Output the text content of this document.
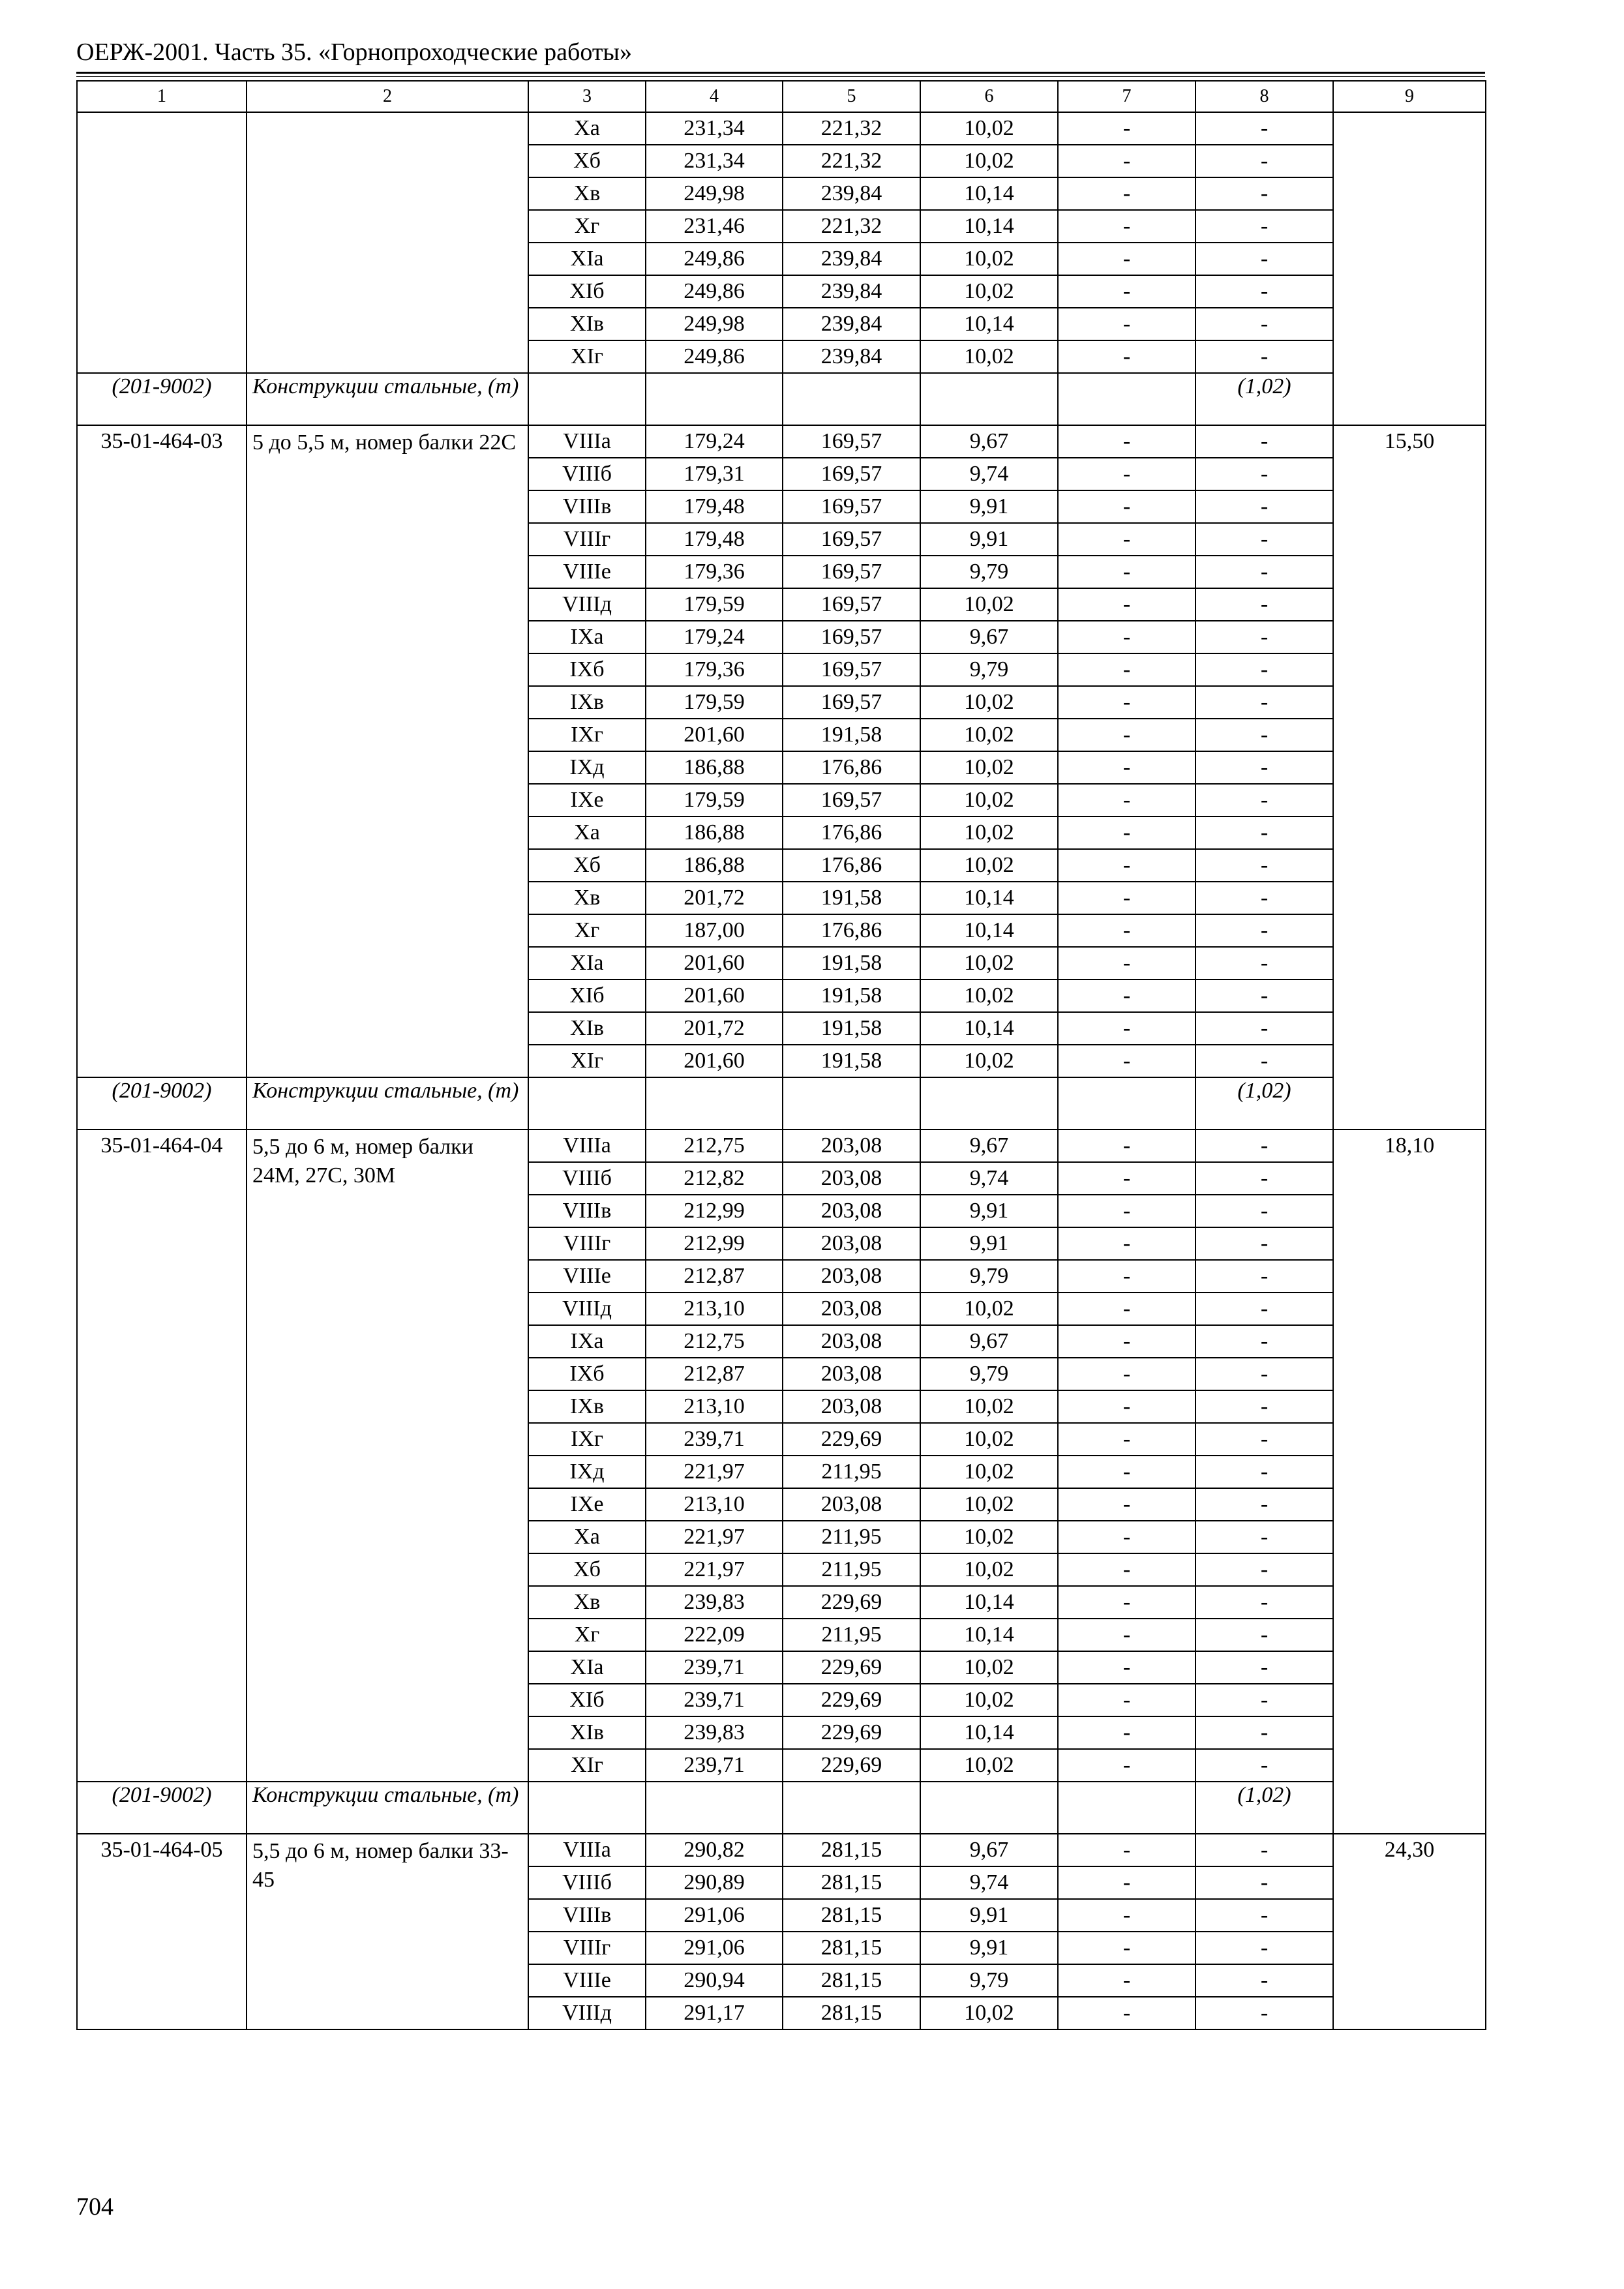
ОЕРЖ-2001. Часть 35. «Горнопроходческие работы»
1	2	3	4	5	6	7	8	9
		Xa	231,34	221,32	10,02	-	-	
		Xб	231,34	221,32	10,02	-	-	
		Xв	249,98	239,84	10,14	-	-	
		Xг	231,46	221,32	10,14	-	-	
		XIa	249,86	239,84	10,02	-	-	
		XIб	249,86	239,84	10,02	-	-	
		XIв	249,98	239,84	10,14	-	-	
		XIг	249,86	239,84	10,02	-	-	
(201-9002)	Конструкции стальные, (т)						(1,02)	
35-01-464-03	5 до 5,5 м, номер балки 22С	VIIIa	179,24	169,57	9,67	-	-	15,50
		VIIIб	179,31	169,57	9,74	-	-	
		VIIIв	179,48	169,57	9,91	-	-	
		VIIIг	179,48	169,57	9,91	-	-	
		VIIIe	179,36	169,57	9,79	-	-	
		VIIIд	179,59	169,57	10,02	-	-	
		IXa	179,24	169,57	9,67	-	-	
		IXб	179,36	169,57	9,79	-	-	
		IXв	179,59	169,57	10,02	-	-	
		IXг	201,60	191,58	10,02	-	-	
		IXд	186,88	176,86	10,02	-	-	
		IXe	179,59	169,57	10,02	-	-	
		Xa	186,88	176,86	10,02	-	-	
		Xб	186,88	176,86	10,02	-	-	
		Xв	201,72	191,58	10,14	-	-	
		Xг	187,00	176,86	10,14	-	-	
		XIa	201,60	191,58	10,02	-	-	
		XIб	201,60	191,58	10,02	-	-	
		XIв	201,72	191,58	10,14	-	-	
		XIг	201,60	191,58	10,02	-	-	
(201-9002)	Конструкции стальные, (т)						(1,02)	
35-01-464-04	5,5 до 6 м, номер балки 24М, 27С, 30М	VIIIa	212,75	203,08	9,67	-	-	18,10
		VIIIб	212,82	203,08	9,74	-	-	
		VIIIв	212,99	203,08	9,91	-	-	
		VIIIг	212,99	203,08	9,91	-	-	
		VIIIe	212,87	203,08	9,79	-	-	
		VIIIд	213,10	203,08	10,02	-	-	
		IXa	212,75	203,08	9,67	-	-	
		IXб	212,87	203,08	9,79	-	-	
		IXв	213,10	203,08	10,02	-	-	
		IXг	239,71	229,69	10,02	-	-	
		IXд	221,97	211,95	10,02	-	-	
		IXe	213,10	203,08	10,02	-	-	
		Xa	221,97	211,95	10,02	-	-	
		Xб	221,97	211,95	10,02	-	-	
		Xв	239,83	229,69	10,14	-	-	
		Xг	222,09	211,95	10,14	-	-	
		XIa	239,71	229,69	10,02	-	-	
		XIб	239,71	229,69	10,02	-	-	
		XIв	239,83	229,69	10,14	-	-	
		XIг	239,71	229,69	10,02	-	-	
(201-9002)	Конструкции стальные, (т)						(1,02)	
35-01-464-05	5,5 до 6 м, номер балки 33-45	VIIIa	290,82	281,15	9,67	-	-	24,30
		VIIIб	290,89	281,15	9,74	-	-	
		VIIIв	291,06	281,15	9,91	-	-	
		VIIIг	291,06	281,15	9,91	-	-	
		VIIIe	290,94	281,15	9,79	-	-	
		VIIIд	291,17	281,15	10,02	-	-	
704
